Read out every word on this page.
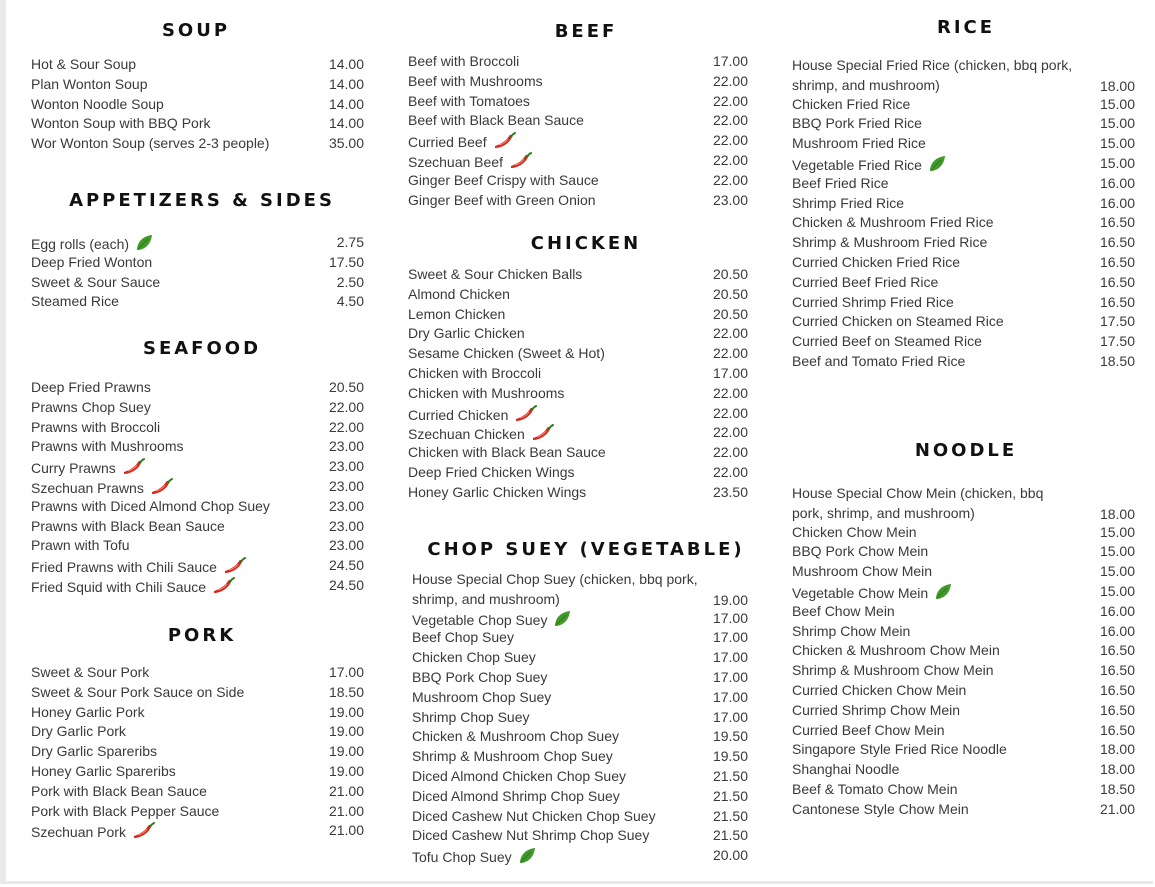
SOUP
Hot & Sour Soup	14.00
Plan Wonton Soup	14.00
Wonton Noodle Soup	14.00
Wonton Soup with BBQ Pork	14.00
Wor Wonton Soup (serves 2-3 people)	35.00
APPETIZERS & SIDES
Egg rolls (each)	2.75
Deep Fried Wonton	17.50
Sweet & Sour Sauce	2.50
Steamed Rice	4.50
SEAFOOD
Deep Fried Prawns	20.50
Prawns Chop Suey	22.00
Prawns with Broccoli	22.00
Prawns with Mushrooms	23.00
Curry Prawns	23.00
Szechuan Prawns	23.00
Prawns with Diced Almond Chop Suey	23.00
Prawns with Black Bean Sauce	23.00
Prawn with Tofu	23.00
Fried Prawns with Chili Sauce	24.50
Fried Squid with Chili Sauce	24.50
PORK
Sweet & Sour Pork	17.00
Sweet & Sour Pork Sauce on Side	18.50
Honey Garlic Pork	19.00
Dry Garlic Pork	19.00
Dry Garlic Spareribs	19.00
Honey Garlic Spareribs	19.00
Pork with Black Bean Sauce	21.00
Pork with Black Pepper Sauce	21.00
Szechuan Pork	21.00
BEEF
Beef with Broccoli	17.00
Beef with Mushrooms	22.00
Beef with Tomatoes	22.00
Beef with Black Bean Sauce	22.00
Curried Beef	22.00
Szechuan Beef	22.00
Ginger Beef Crispy with Sauce	22.00
Ginger Beef with Green Onion	23.00
CHICKEN
Sweet & Sour Chicken Balls	20.50
Almond Chicken	20.50
Lemon Chicken	20.50
Dry Garlic Chicken	22.00
Sesame Chicken (Sweet & Hot)	22.00
Chicken with Broccoli	17.00
Chicken with Mushrooms	22.00
Curried Chicken	22.00
Szechuan Chicken	22.00
Chicken with Black Bean Sauce	22.00
Deep Fried Chicken Wings	22.00
Honey Garlic Chicken Wings	23.50
CHOP SUEY (VEGETABLE)
House Special Chop Suey (chicken, bbq pork, shrimp, and mushroom)	19.00
Vegetable Chop Suey	17.00
Beef Chop Suey	17.00
Chicken Chop Suey	17.00
BBQ Pork Chop Suey	17.00
Mushroom Chop Suey	17.00
Shrimp Chop Suey	17.00
Chicken & Mushroom Chop Suey	19.50
Shrimp & Mushroom Chop Suey	19.50
Diced Almond Chicken Chop Suey	21.50
Diced Almond Shrimp Chop Suey	21.50
Diced Cashew Nut Chicken Chop Suey	21.50
Diced Cashew Nut Shrimp Chop Suey	21.50
Tofu Chop Suey	20.00
RICE
House Special Fried Rice (chicken, bbq pork, shrimp, and mushroom)	18.00
Chicken Fried Rice	15.00
BBQ Pork Fried Rice	15.00
Mushroom Fried Rice	15.00
Vegetable Fried Rice	15.00
Beef Fried Rice	16.00
Shrimp Fried Rice	16.00
Chicken & Mushroom Fried Rice	16.50
Shrimp & Mushroom Fried Rice	16.50
Curried Chicken Fried Rice	16.50
Curried Beef Fried Rice	16.50
Curried Shrimp Fried Rice	16.50
Curried Chicken on Steamed Rice	17.50
Curried Beef on Steamed Rice	17.50
Beef and Tomato Fried Rice	18.50
NOODLE
House Special Chow Mein (chicken, bbq pork, shrimp, and mushroom)	18.00
Chicken Chow Mein	15.00
BBQ Pork Chow Mein	15.00
Mushroom Chow Mein	15.00
Vegetable Chow Mein	15.00
Beef Chow Mein	16.00
Shrimp Chow Mein	16.00
Chicken & Mushroom Chow Mein	16.50
Shrimp & Mushroom Chow Mein	16.50
Curried Chicken Chow Mein	16.50
Curried Shrimp Chow Mein	16.50
Curried Beef Chow Mein	16.50
Singapore Style Fried Rice Noodle	18.00
Shanghai Noodle	18.00
Beef & Tomato Chow Mein	18.50
Cantonese Style Chow Mein	21.00
